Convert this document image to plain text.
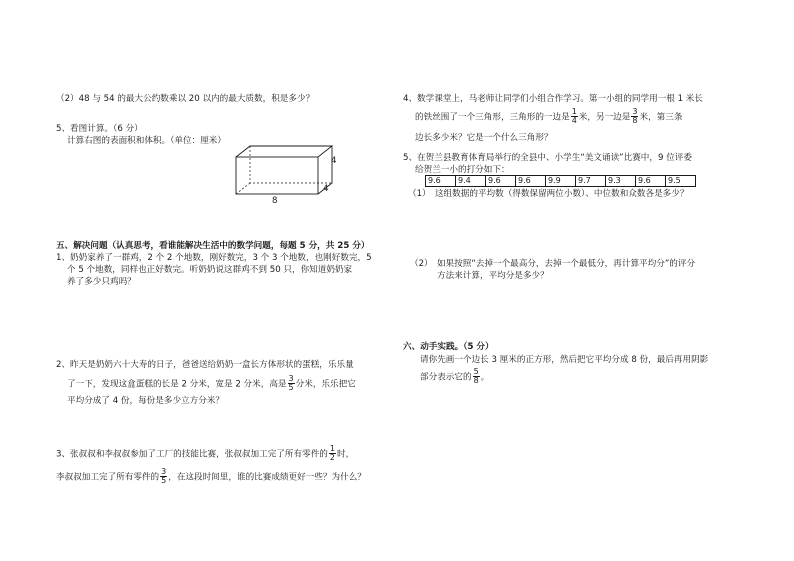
（2）48 与 54 的最大公约数乘以 20 以内的最大质数，积是多少？
5、看图计算。（6 分）
计算右图的表面积和体积。（单位：厘米）
4
4
8
五、解决问题（认真思考，看谁能解决生活中的数学问题，每题 5 分，共 25 分）
1、奶奶家养了一群鸡，2 个 2 个地数，刚好数完，3 个 3 个地数，也刚好数完，5
个 5 个地数，同样也正好数完。听奶奶说这群鸡不到 50 只，你知道奶奶家
养了多少只鸡吗？
2、昨天是奶奶六十大寿的日子，爸爸送给奶奶一盒长方体形状的蛋糕，乐乐量
了一下，发现这盒蛋糕的长是 2 分米，宽是 2 分米，高是 $\frac{3}{5}$ 分米，乐乐把它
平均分成了 4 份，每份是多少立方分米？
3、张叔叔和李叔叔参加了工厂的技能比赛，张叔叔加工完了所有零件的 $\frac{1}{2}$ 时，
李叔叔加工完了所有零件的 $\frac{3}{5}$ ，在这段时间里，谁的比赛成绩更好一些？为什么？
4、数学课堂上，马老师让同学们小组合作学习。第一小组的同学用一根 1 米长
的铁丝围了一个三角形，三角形的一边是 $\frac{1}{4}$ 米，另一边是 $\frac{3}{8}$ 米，第三条
边长多少米？它是一个什么三角形？
5、在贺兰县教育体育局举行的全县中、小学生“美文诵读”比赛中，9 位评委
给贺兰一小的打分如下：
9.6	9.4	9.6	9.6	9.9	9.7	9.3	9.6	9.5
（1）　这组数据的平均数（得数保留两位小数）、中位数和众数各是多少？
（2）　如果按照“去掉一个最高分，去掉一个最低分，再计算平均分”的评分
方法来计算，平均分是多少？
六、动手实践。（5 分）
请你先画一个边长 3 厘米的正方形，然后把它平均分成 8 份，最后再用阴影
部分表示它的 $\frac{5}{8}$ 。
